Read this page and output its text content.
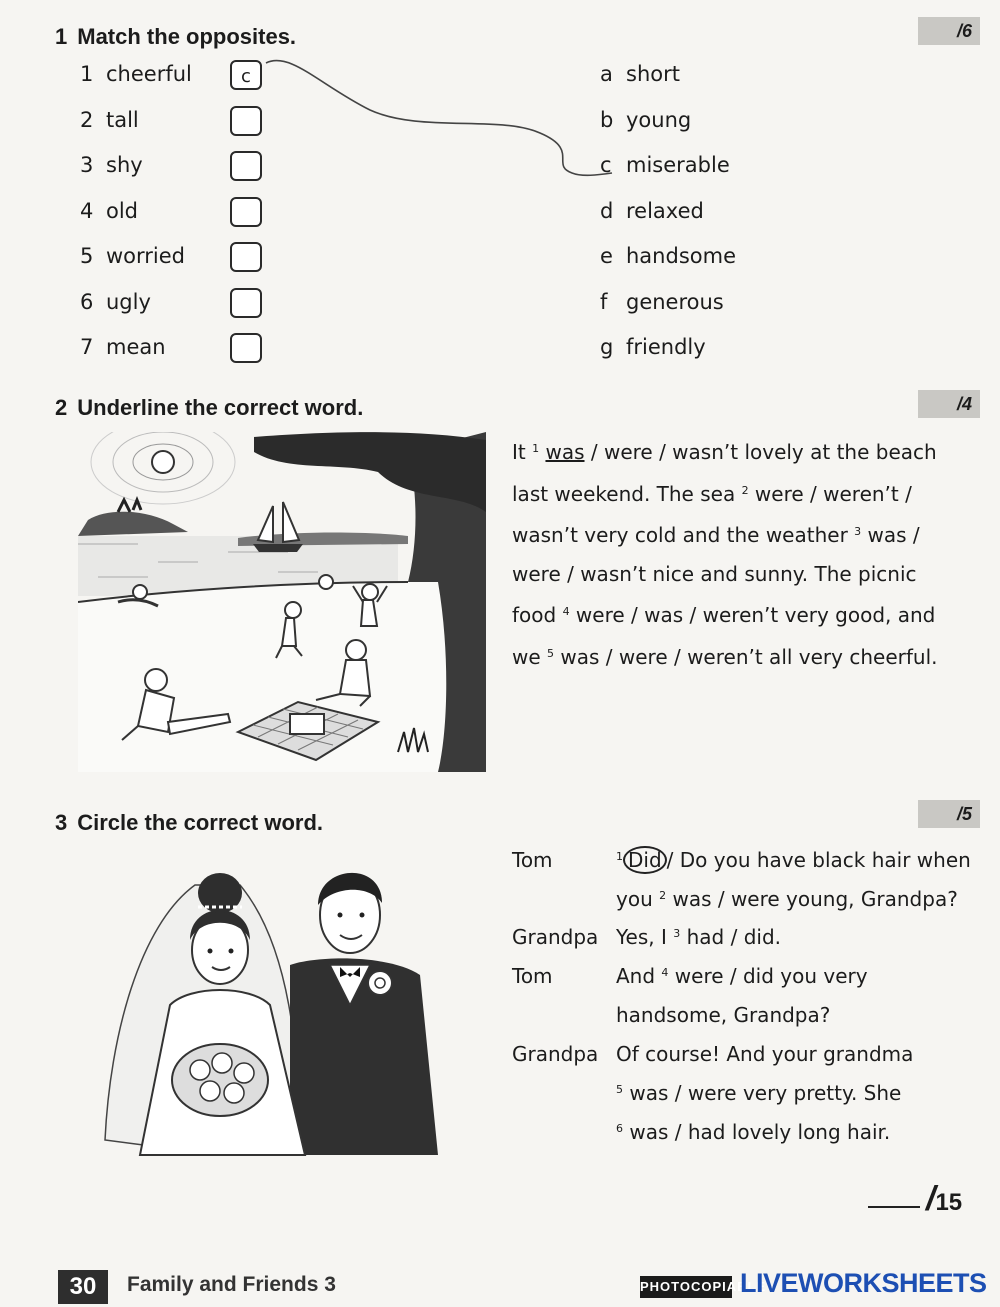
1 Match the opposites.	/6
1 cheerful	c
2 tall
3 shy
4 old
5 worried
6 ugly
7 mean
a short
b young
c miserable
d relaxed
e handsome
f generous
g friendly
2 Underline the correct word.	/4
It $^1$ was / were / wasn’t lovely at the beach
last weekend. The sea $^2$ were / weren’t /
wasn’t very cold and the weather $^3$ was /
were / wasn’t nice and sunny. The picnic
food $^4$ were / was / weren’t very good, and
we $^5$ was / were / weren’t all very cheerful.
3 Circle the correct word.	/5
Tom	$^1$ Did / Do you have black hair when
you $^2$ was / were young, Grandpa?
Grandpa Yes, I $^3$ had / did.
Tom	And $^4$ were / did you very
handsome, Grandpa?
Grandpa Of course! And your grandma
$^5$ was / were very pretty. She
$^6$ was / had lovely long hair.
/15
30	Family and Friends 3	PHOTOCOPIABLE
LIVEWORKSHEETS
